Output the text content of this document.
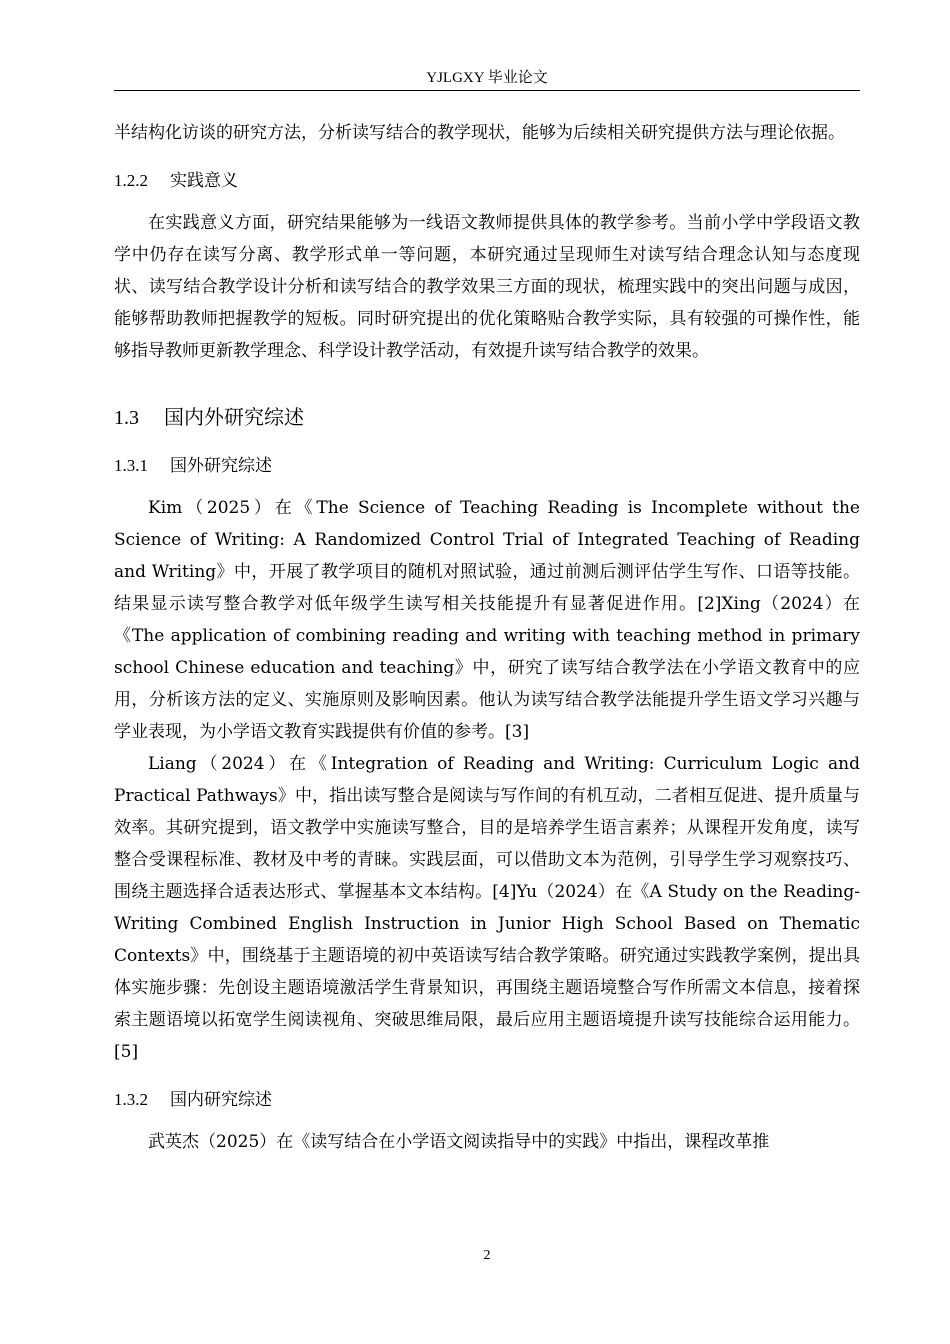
YJLGXY 毕业论文

半结构化访谈的研究方法，分析读写结合的教学现状，能够为后续相关研究提供方法与理论依据。

1.2.2 实践意义

在实践意义方面，研究结果能够为一线语文教师提供具体的教学参考。当前小学中学段语文教学中仍存在读写分离、教学形式单一等问题，本研究通过呈现师生对读写结合理念认知与态度现状、读写结合教学设计分析和读写结合的教学效果三方面的现状，梳理实践中的突出问题与成因，能够帮助教师把握教学的短板。同时研究提出的优化策略贴合教学实际，具有较强的可操作性，能够指导教师更新教学理念、科学设计教学活动，有效提升读写结合教学的效果。

1.3 国内外研究综述
1.3.1 国外研究综述

Kim（2025）在《The Science of Teaching Reading is Incomplete without the Science of Writing: A Randomized Control Trial of Integrated Teaching of Reading and Writing》中，开展了教学项目的随机对照试验，通过前测后测评估学生写作、口语等技能。结果显示读写整合教学对低年级学生读写相关技能提升有显著促进作用。[2]Xing（2024）在《The application of combining reading and writing with teaching method in primary school Chinese education and teaching》中，研究了读写结合教学法在小学语文教育中的应用，分析该方法的定义、实施原则及影响因素。他认为读写结合教学法能提升学生语文学习兴趣与学业表现，为小学语文教育实践提供有价值的参考。[3]

Liang（2024）在《Integration of Reading and Writing: Curriculum Logic and Practical Pathways》中，指出读写整合是阅读与写作间的有机互动，二者相互促进、提升质量与效率。其研究提到，语文教学中实施读写整合，目的是培养学生语言素养；从课程开发角度，读写整合受课程标准、教材及中考的青睐。实践层面，可以借助文本为范例，引导学生学习观察技巧、围绕主题选择合适表达形式、掌握基本文本结构。[4]Yu（2024）在《A Study on the Reading-Writing Combined English Instruction in Junior High School Based on Thematic Contexts》中，围绕基于主题语境的初中英语读写结合教学策略。研究通过实践教学案例，提出具体实施步骤：先创设主题语境激活学生背景知识，再围绕主题语境整合写作所需文本信息，接着探索主题语境以拓宽学生阅读视角、突破思维局限，最后应用主题语境提升读写技能综合运用能力。[5]

1.3.2 国内研究综述

武英杰（2025）在《读写结合在小学语文阅读指导中的实践》中指出，课程改革推

2
